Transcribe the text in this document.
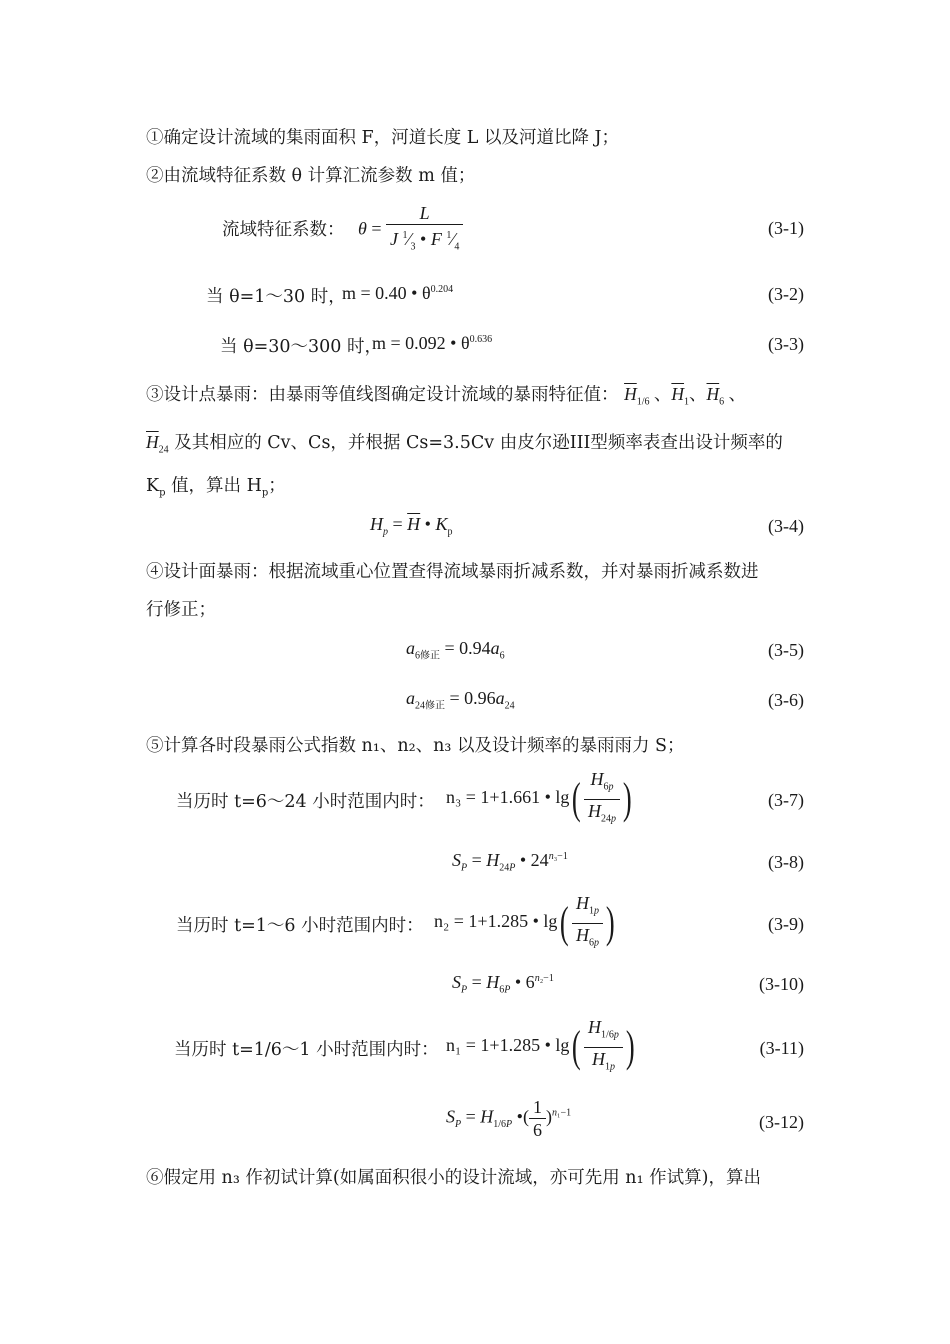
①确定设计流域的集雨面积 F，河道长度 L 以及河道比降 J；
②由流域特征系数 θ 计算汇流参数 m 值；
流域特征系数： $\theta = \frac{L}{J ^1⁄_3 • F ^1⁄_4}$	(3-1)
当 θ=1～30 时，
m = 0.40 • $\theta^{0.204}$	(3-2)
当 θ=30～300 时，
m = 0.092 • $\theta^{0.636}$	(3-3)
③设计点暴雨：由暴雨等值线图确定设计流域的暴雨特征值： $\overline{H}_{1/6}$ 、$\overline{H}_1$、$\overline{H}_6$ 、
$\overline{H}_{24}$ 及其相应的 Cv、Cs，并根据 Cs=3.5Cv 由皮尔逊III型频率表查出设计频率的
$K_p$ 值，算出 $H_p$；
$H_p = \overline{H}$ • $K_p$	(3-4)
④设计面暴雨：根据流域重心位置查得流域暴雨折减系数，并对暴雨折减系数进
行修正；
$a_{6修正} = 0.94a_6$	(3-5)
$a_{24修正} = 0.96a_{24}$	(3-6)
⑤计算各时段暴雨公式指数 n₁、n₂、n₃ 以及设计频率的暴雨雨力 S；
当历时 t=6～24 小时范围内时： n₃ = 1+1.661 • $\lg( \frac{H_{6p}}{H_{24p}}$ )	(3-7)
$S_P = H_{24P}$ • $24^{n_3-1}$	(3-8)
当历时 t=1～6 小时范围内时： n₂ = 1+1.285 • $\lg( \frac{H_{1p}}{H_{6p}}$ )	(3-9)
$S_P = H_{6P}$ • $6^{n_2-1}$	(3-10)
当历时 t=1/6～1 小时范围内时： n₁ = 1+1.285 • $\lg( \frac{H_{1/6p}}{H_{1p}}$ )	(3-11)
$S_P = H_{1/6P}$ •( $\frac{1}{6} )^{n_1-1}$	(3-12)
⑥假定用 n₃ 作初试计算(如属面积很小的设计流域，亦可先用 n₁ 作试算)，算出
